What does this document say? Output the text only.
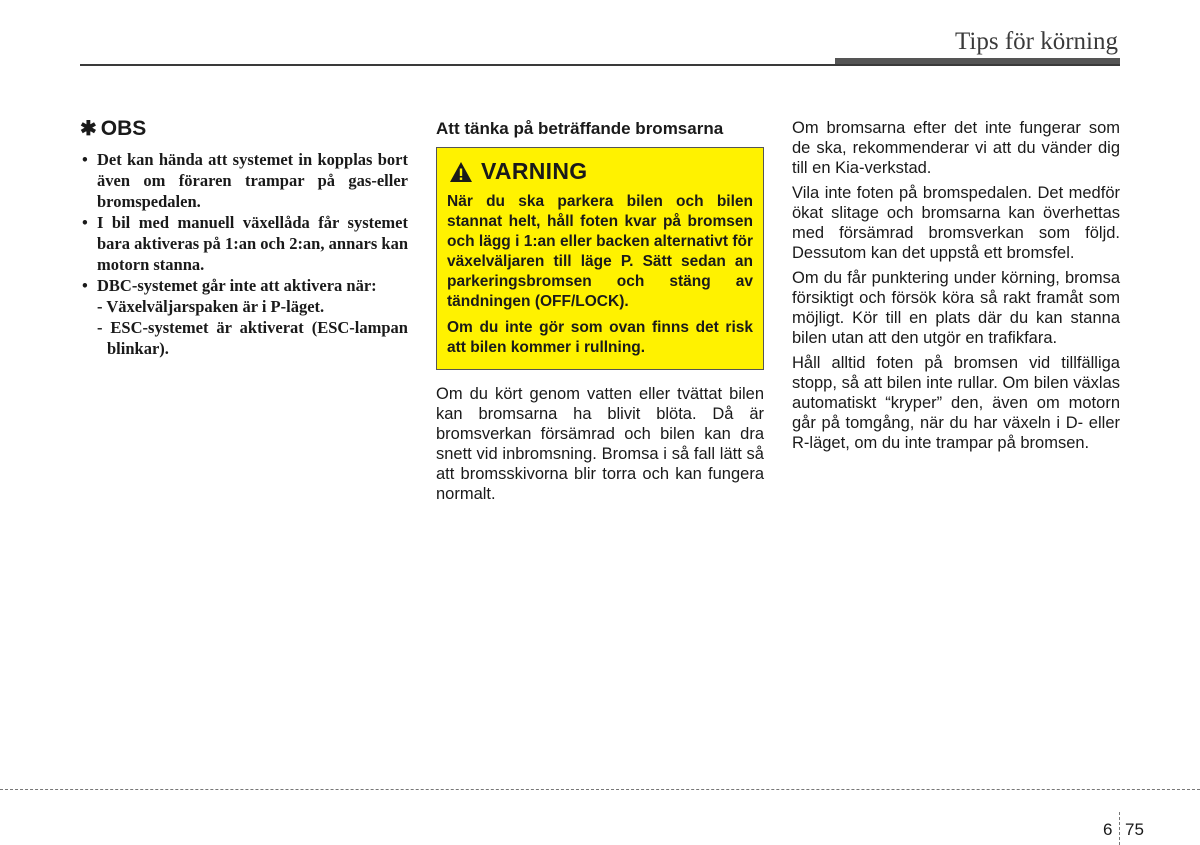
Tips för körning
✱ OBS
• Det kan hända att systemet in kopplas bort även om föraren trampar på gas-eller bromspedalen.
• I bil med manuell växellåda får systemet bara aktiveras på 1:an och 2:an, annars kan motorn stanna.
• DBC-systemet går inte att aktivera när:
- Växelväljarspaken är i P-läget.
- ESC-systemet är aktiverat (ESC-lampan blinkar).
Att tänka på beträffande bromsarna
VARNING

När du ska parkera bilen och bilen stannat helt, håll foten kvar på bromsen och lägg i 1:an eller backen alternativt för växelväljaren till läge P. Sätt sedan an parkeringsbromsen och stäng av tändningen (OFF/LOCK).

Om du inte gör som ovan finns det risk att bilen kommer i rullning.

Om du kört genom vatten eller tvättat bilen kan bromsarna ha blivit blöta. Då är bromsverkan försämrad och bilen kan dra snett vid inbromsning. Bromsa i så fall lätt så att bromsskivorna blir torra och kan fungera normalt.

Om bromsarna efter det inte fungerar som de ska, rekommenderar vi att du vänder dig till en Kia-verkstad.

Vila inte foten på bromspedalen. Det medför ökat slitage och bromsarna kan överhettas med försämrad bromsverkan som följd. Dessutom kan det uppstå ett bromsfel.

Om du får punktering under körning, bromsa försiktigt och försök köra så rakt framåt som möjligt. Kör till en plats där du kan stanna bilen utan att den utgör en trafikfara.

Håll alltid foten på bromsen vid tillfälliga stopp, så att bilen inte rullar. Om bilen växlas automatiskt “kryper” den, även om motorn går på tomgång, när du har växeln i D- eller R-läget, om du inte trampar på bromsen.

6 75
